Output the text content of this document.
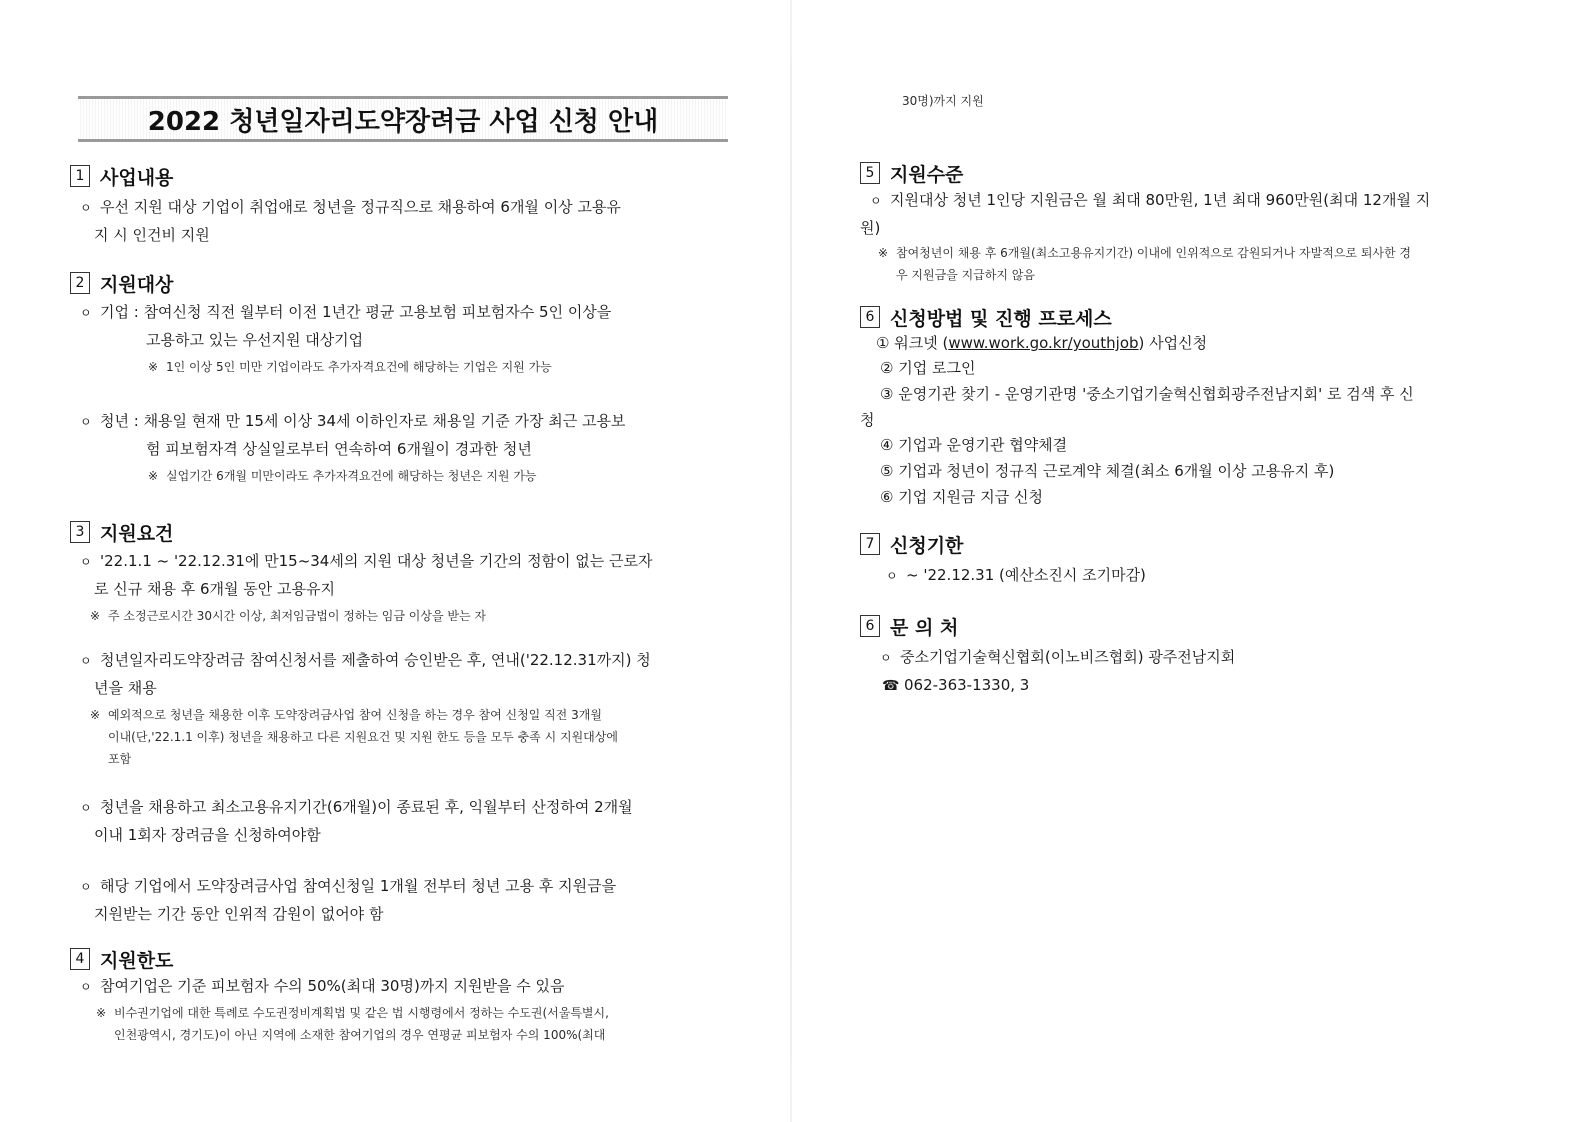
2022 청년일자리도약장려금 사업 신청 안내
1 사업내용
ㅇ 우선 지원 대상 기업이 취업애로 청년을 정규직으로 채용하여 6개월 이상 고용유
지 시 인건비 지원
2 지원대상
ㅇ 기업 : 참여신청 직전 월부터 이전 1년간 평균 고용보험 피보험자수 5인 이상을
고용하고 있는 우선지원 대상기업
※ 1인 이상 5인 미만 기업이라도 추가자격요건에 해당하는 기업은 지원 가능
ㅇ 청년 : 채용일 현재 만 15세 이상 34세 이하인자로 채용일 기준 가장 최근 고용보
험 피보험자격 상실일로부터 연속하여 6개월이 경과한 청년
※ 실업기간 6개월 미만이라도 추가자격요건에 해당하는 청년은 지원 가능
3 지원요건
ㅇ '22.1.1 ~ '22.12.31에 만15~34세의 지원 대상 청년을 기간의 정함이 없는 근로자
로 신규 채용 후 6개월 동안 고용유지
※ 주 소정근로시간 30시간 이상, 최저임금법이 정하는 임금 이상을 받는 자
ㅇ 청년일자리도약장려금 참여신청서를 제출하여 승인받은 후, 연내('22.12.31까지) 청
년을 채용
※ 예외적으로 청년을 채용한 이후 도약장려금사업 참여 신청을 하는 경우 참여 신청일 직전 3개월
이내(단,'22.1.1 이후) 청년을 채용하고 다른 지원요건 및 지원 한도 등을 모두 충족 시 지원대상에
포함
ㅇ 청년을 채용하고 최소고용유지기간(6개월)이 종료된 후, 익월부터 산정하여 2개월
이내 1회자 장려금을 신청하여야함
ㅇ 해당 기업에서 도약장려금사업 참여신청일 1개월 전부터 청년 고용 후 지원금을
지원받는 기간 동안 인위적 감원이 없어야 함
4 지원한도
ㅇ 참여기업은 기준 피보험자 수의 50%(최대 30명)까지 지원받을 수 있음
※ 비수권기업에 대한 특례로 수도권정비계획법 및 같은 법 시행령에서 정하는 수도권(서울특별시,
인천광역시, 경기도)이 아닌 지역에 소재한 참여기업의 경우 연평균 피보험자 수의 100%(최대
30명)까지 지원
5 지원수준
ㅇ 지원대상 청년 1인당 지원금은 월 최대 80만원, 1년 최대 960만원(최대 12개월 지
원)
※ 참여청년이 채용 후 6개월(최소고용유지기간) 이내에 인위적으로 감원되거나 자발적으로 퇴사한 경
우 지원금을 지급하지 않음
6 신청방법 및 진행 프로세스
① 워크넷 (www.work.go.kr/youthjob) 사업신청
② 기업 로그인
③ 운영기관 찾기 - 운영기관명 '중소기업기술혁신협회광주전남지회' 로 검색 후 신
청
④ 기업과 운영기관 협약체결
⑤ 기업과 청년이 정규직 근로계약 체결(최소 6개월 이상 고용유지 후)
⑥ 기업 지원금 지급 신청
7 신청기한
ㅇ ~ '22.12.31 (예산소진시 조기마감)
6 문 의 처
ㅇ 중소기업기술혁신협회(이노비즈협회) 광주전남지회
☎ 062-363-1330, 3
